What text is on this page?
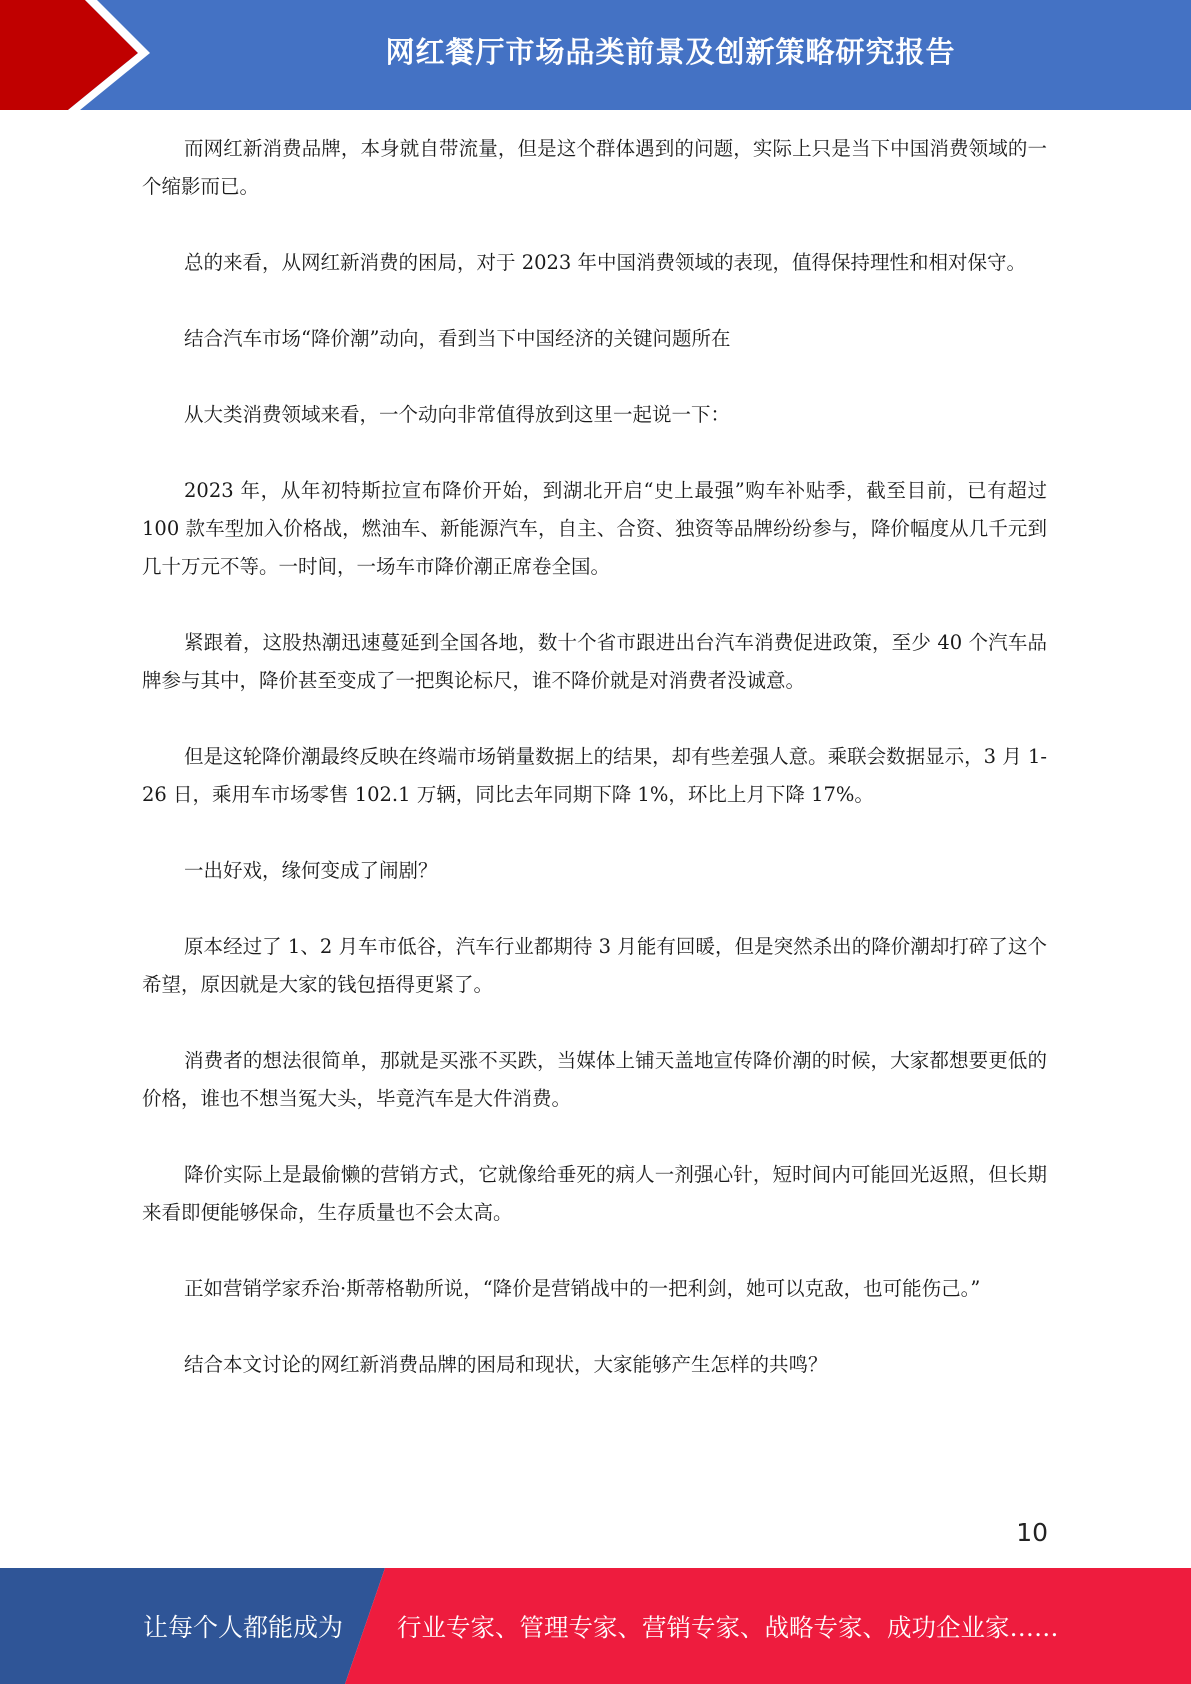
网红餐厅市场品类前景及创新策略研究报告

而网红新消费品牌，本身就自带流量，但是这个群体遇到的问题，实际上只是当下中国消费领域的一个缩影而已。

总的来看，从网红新消费的困局，对于 2023 年中国消费领域的表现，值得保持理性和相对保守。

结合汽车市场“降价潮”动向，看到当下中国经济的关键问题所在

从大类消费领域来看，一个动向非常值得放到这里一起说一下：

2023 年，从年初特斯拉宣布降价开始，到湖北开启“史上最强”购车补贴季，截至目前，已有超过 100 款车型加入价格战，燃油车、新能源汽车，自主、合资、独资等品牌纷纷参与，降价幅度从几千元到几十万元不等。一时间，一场车市降价潮正席卷全国。

紧跟着，这股热潮迅速蔓延到全国各地，数十个省市跟进出台汽车消费促进政策，至少 40 个汽车品牌参与其中，降价甚至变成了一把舆论标尺，谁不降价就是对消费者没诚意。

但是这轮降价潮最终反映在终端市场销量数据上的结果，却有些差强人意。乘联会数据显示，3 月 1-26 日，乘用车市场零售 102.1 万辆，同比去年同期下降 1%，环比上月下降 17%。

一出好戏，缘何变成了闹剧？

原本经过了 1、2 月车市低谷，汽车行业都期待 3 月能有回暖，但是突然杀出的降价潮却打碎了这个希望，原因就是大家的钱包捂得更紧了。

消费者的想法很简单，那就是买涨不买跌，当媒体上铺天盖地宣传降价潮的时候，大家都想要更低的价格，谁也不想当冤大头，毕竟汽车是大件消费。

降价实际上是最偷懒的营销方式，它就像给垂死的病人一剂强心针，短时间内可能回光返照，但长期来看即便能够保命，生存质量也不会太高。

正如营销学家乔治·斯蒂格勒所说，“降价是营销战中的一把利剑，她可以克敌，也可能伤己。”

结合本文讨论的网红新消费品牌的困局和现状，大家能够产生怎样的共鸣？

10
让每个人都能成为 行业专家、管理专家、营销专家、战略专家、成功企业家……
